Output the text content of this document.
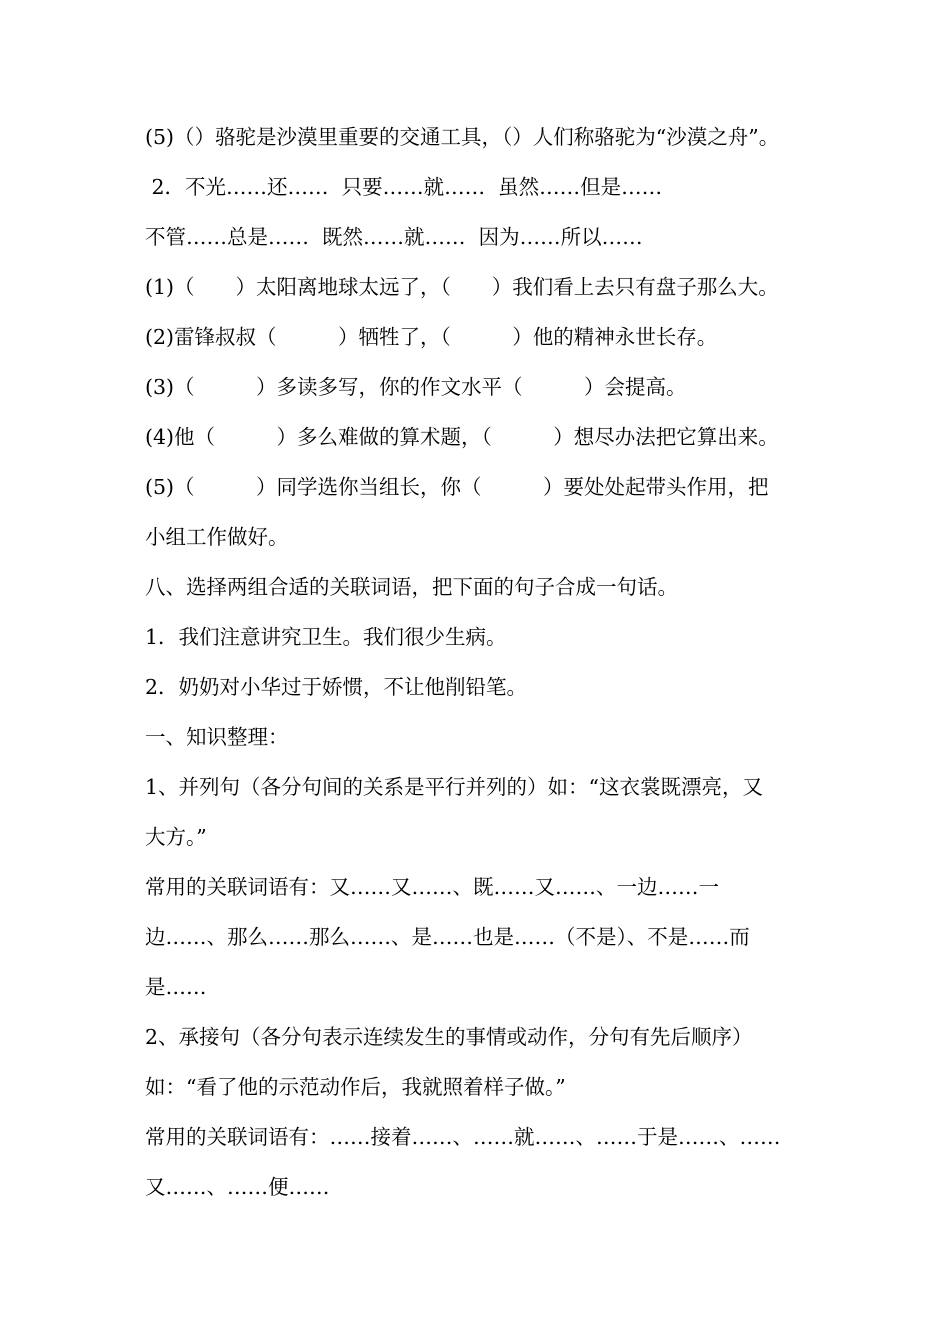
(5)（）骆驼是沙漠里重要的交通工具，（）人们称骆驼为“沙漠之舟”。
2．不光……还……  只要……就……  虽然……但是……
不管……总是……  既然……就……  因为……所以……
(1)（　　）太阳离地球太远了，（　　）我们看上去只有盘子那么大。
(2)雷锋叔叔（　　　）牺牲了，（　　　）他的精神永世长存。
(3)（　　　）多读多写，你的作文水平（　　　）会提高。
(4)他（　　　）多么难做的算术题，（　　　）想尽办法把它算出来。
(5)（　　　）同学选你当组长，你（　　　）要处处起带头作用，把
小组工作做好。
八、选择两组合适的关联词语，把下面的句子合成一句话。
1．我们注意讲究卫生。我们很少生病。
2．奶奶对小华过于娇惯，不让他削铅笔。
一、知识整理：
1、并列句（各分句间的关系是平行并列的）如：“这衣裳既漂亮，又
大方。”
常用的关联词语有：又……又……、既……又……、一边……一
边……、那么……那么……、是……也是……（不是）、不是……而
是……
2、承接句（各分句表示连续发生的事情或动作，分句有先后顺序）
如：“看了他的示范动作后，我就照着样子做。”
常用的关联词语有：……接着……、……就……、……于是……、……
又……、……便……
